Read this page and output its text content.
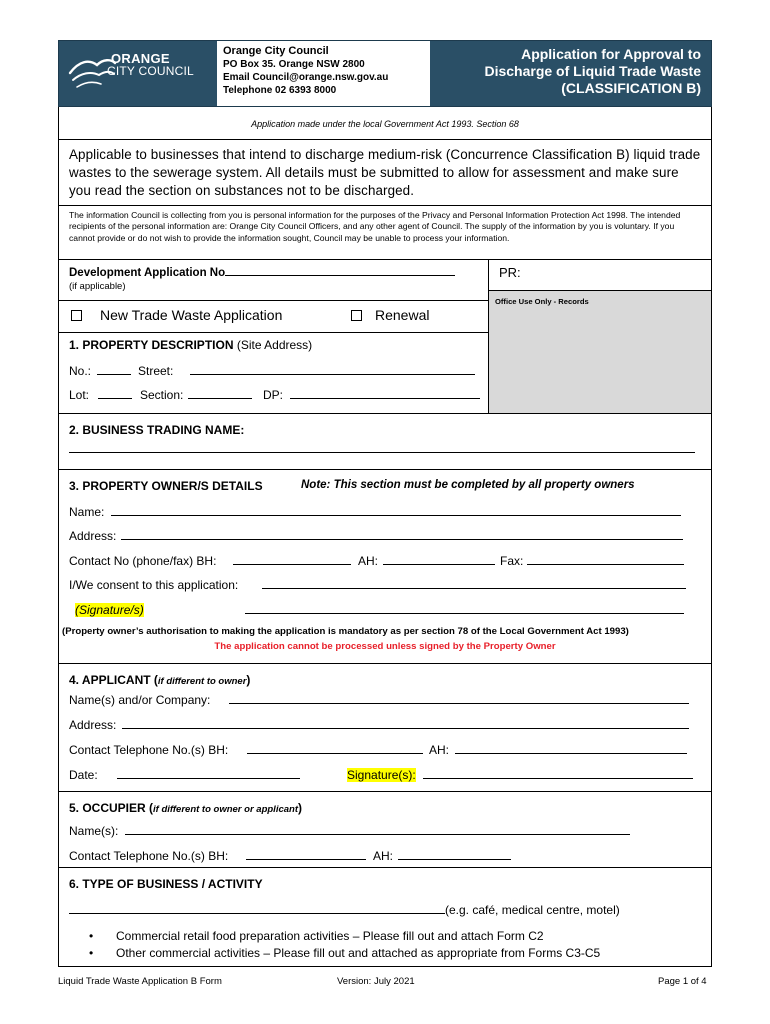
ORANGE
CITY COUNCIL
Orange City Council
PO Box 35. Orange NSW 2800
Email Council@orange.nsw.gov.au
Telephone 02 6393 8000
Application for Approval to
Discharge of Liquid Trade Waste
(CLASSIFICATION B)
Application made under the local Government Act 1993. Section 68
Applicable to businesses that intend to discharge medium-risk (Concurrence Classification B) liquid trade wastes to the sewerage system. All details must be submitted to allow for assessment and make sure you read the section on substances not to be discharged.
The information Council is collecting from you is personal information for the purposes of the Privacy and Personal Information Protection Act 1998. The intended recipients of the personal information are: Orange City Council Officers, and any other agent of Council. The supply of the information by you is voluntary. If you cannot provide or do not wish to provide the information sought, Council may be unable to process your information.
Development Application No
(if applicable)
PR:
Office Use Only - Records
New Trade Waste Application	Renewal
1. PROPERTY DESCRIPTION (Site Address)
No.:	Street:
Lot:	Section:	DP:
2. BUSINESS TRADING NAME:
3. PROPERTY OWNER/S DETAILS	Note: This section must be completed by all property owners
Name:
Address:
Contact No (phone/fax) BH:	AH:	Fax:
I/We consent to this application:
(Signature/s)
(Property owner’s authorisation to making the application is mandatory as per section 78 of the Local Government Act 1993)
The application cannot be processed unless signed by the Property Owner
4. APPLICANT (if different to owner)
Name(s) and/or Company:
Address:
Contact Telephone No.(s) BH:	AH:
Date:	Signature(s):
5. OCCUPIER (if different to owner or applicant)
Name(s):
Contact Telephone No.(s) BH:	AH:
6. TYPE OF BUSINESS / ACTIVITY
(e.g. café, medical centre, motel)
• Commercial retail food preparation activities – Please fill out and attach Form C2
• Other commercial activities – Please fill out and attached as appropriate from Forms C3-C5
Liquid Trade Waste Application B Form	Version: July 2021	Page 1 of 4
